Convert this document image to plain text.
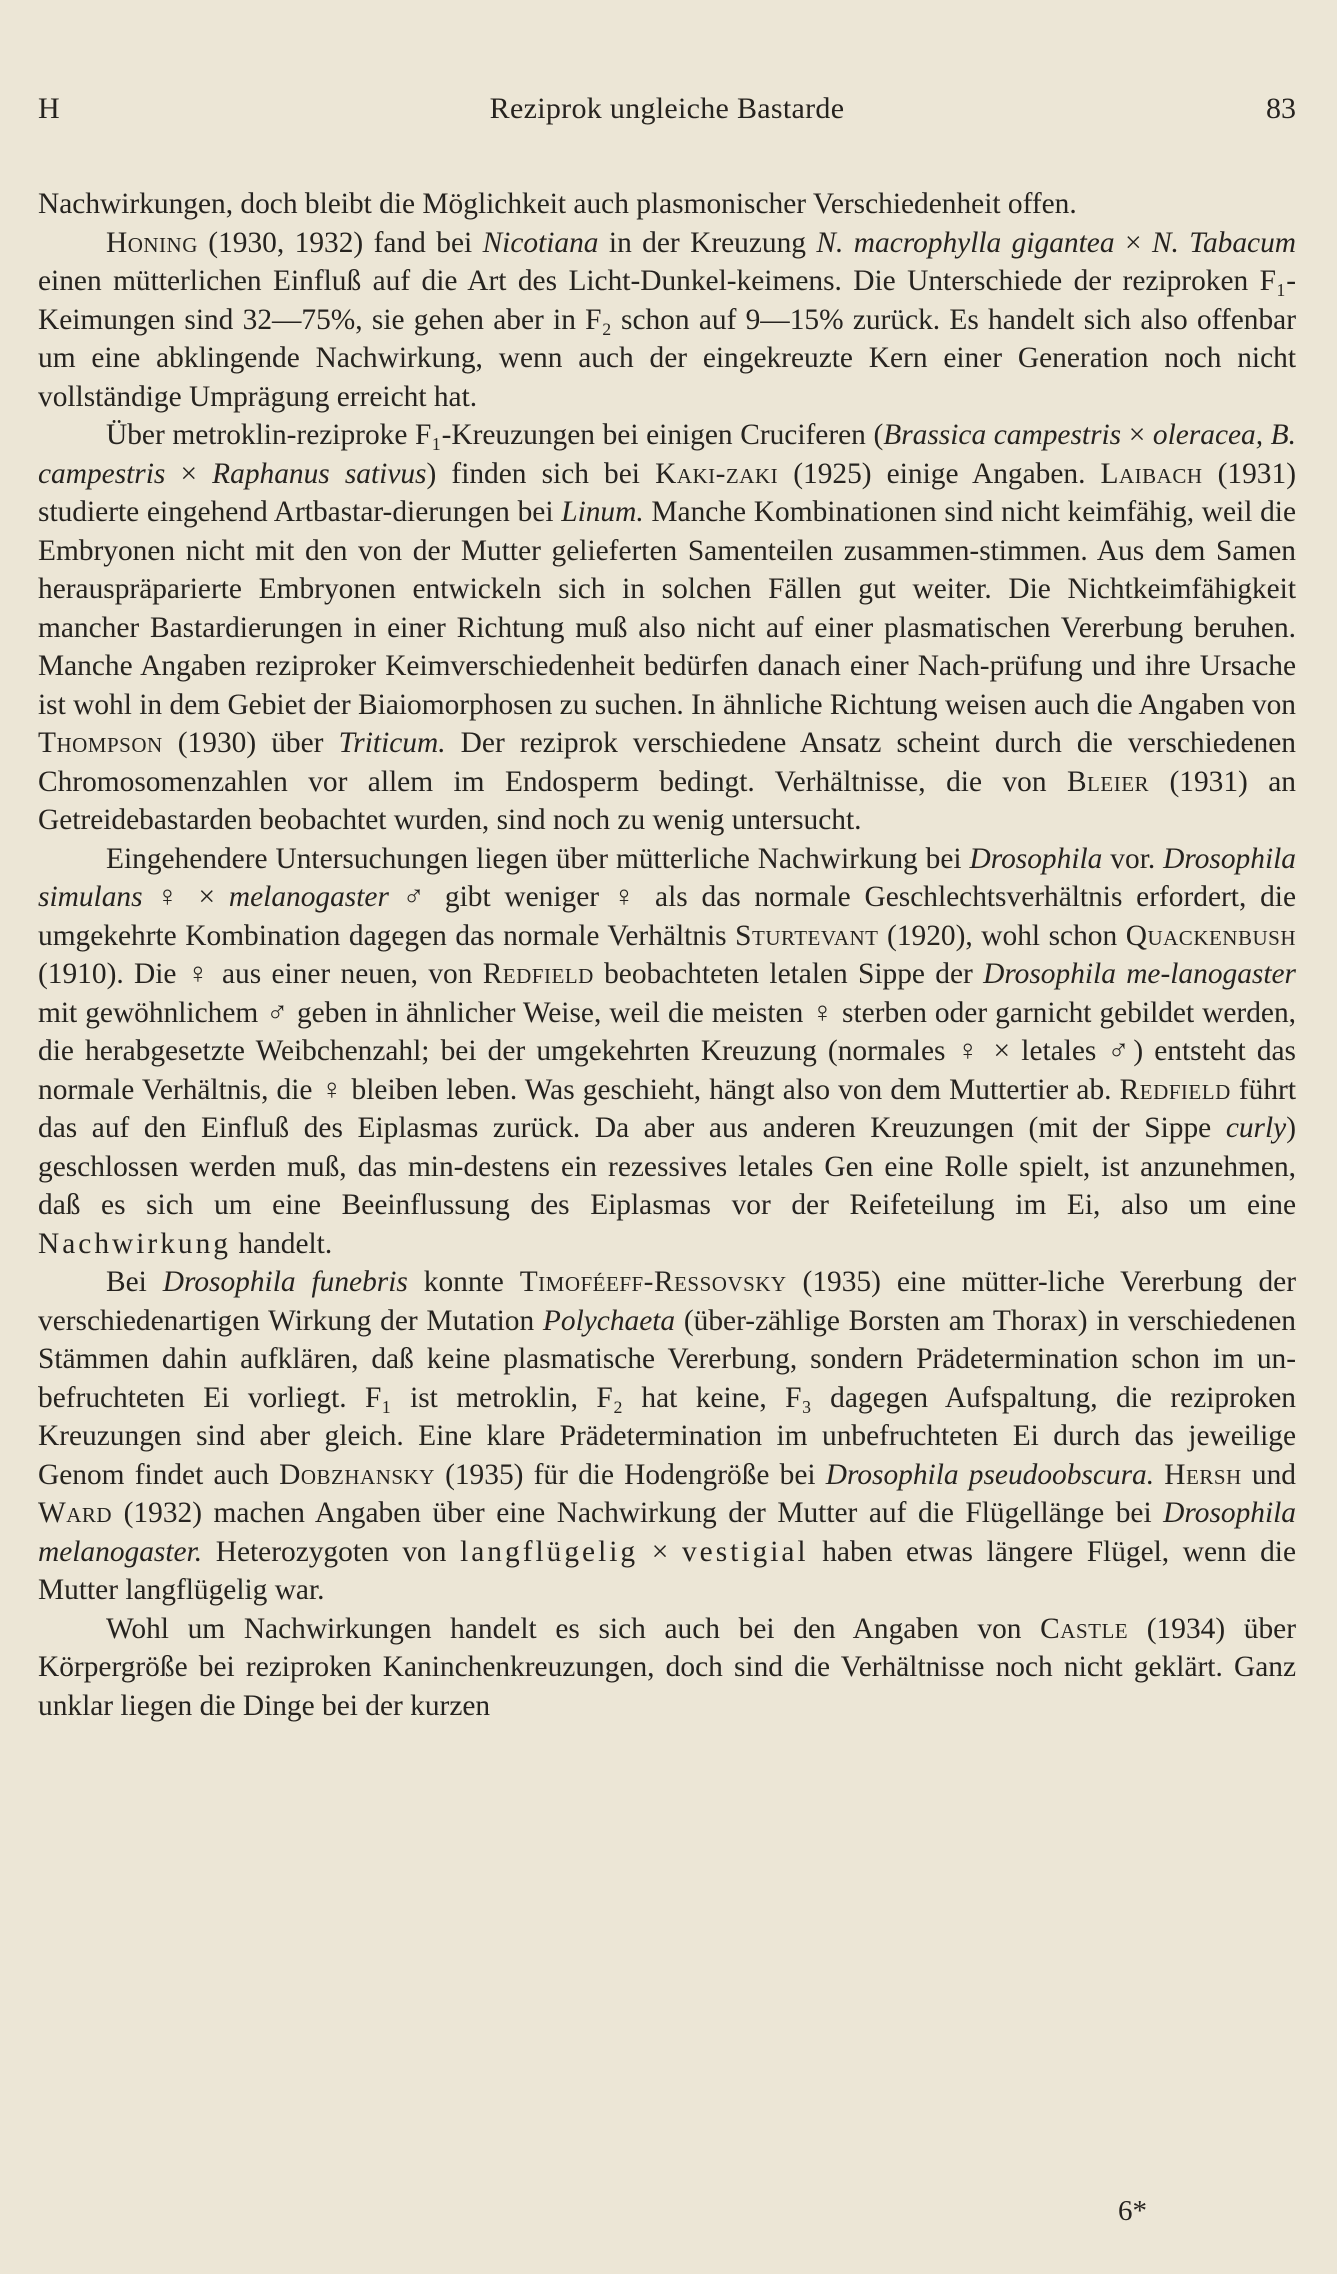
H	Reziprok ungleiche Bastarde	83

Nachwirkungen, doch bleibt die Möglichkeit auch plasmonischer Verschiedenheit offen.

Honing (1930, 1932) fand bei Nicotiana in der Kreuzung N. macrophylla gigantea × N. Tabacum einen mütterlichen Einfluß auf die Art des Licht-Dunkel-keimens. Die Unterschiede der reziproken F₁-Keimungen sind 32—75%, sie gehen aber in F₂ schon auf 9—15% zurück. Es handelt sich also offenbar um eine abklingende Nachwirkung, wenn auch der eingekreuzte Kern einer Generation noch nicht vollständige Umprägung erreicht hat.

Über metroklin-reziproke F₁-Kreuzungen bei einigen Cruciferen (Brassica campestris × oleracea, B. campestris × Raphanus sativus) finden sich bei Kaki-zaki (1925) einige Angaben. Laibach (1931) studierte eingehend Artbastar-dierungen bei Linum. Manche Kombinationen sind nicht keimfähig, weil die Embryonen nicht mit den von der Mutter gelieferten Samenteilen zusammen-stimmen. Aus dem Samen herauspräparierte Embryonen entwickeln sich in solchen Fällen gut weiter. Die Nichtkeimfähigkeit mancher Bastardierungen in einer Richtung muß also nicht auf einer plasmatischen Vererbung beruhen. Manche Angaben reziproker Keimverschiedenheit bedürfen danach einer Nach-prüfung und ihre Ursache ist wohl in dem Gebiet der Biaiomorphosen zu suchen. In ähnliche Richtung weisen auch die Angaben von Thompson (1930) über Triticum. Der reziprok verschiedene Ansatz scheint durch die verschiedenen Chromosomenzahlen vor allem im Endosperm bedingt. Verhältnisse, die von Bleier (1931) an Getreidebastarden beobachtet wurden, sind noch zu wenig untersucht.

Eingehendere Untersuchungen liegen über mütterliche Nachwirkung bei Drosophila vor. Drosophila simulans ♀ × melanogaster ♂ gibt weniger ♀ als das normale Geschlechtsverhältnis erfordert, die umgekehrte Kombination dagegen das normale Verhältnis Sturtevant (1920), wohl schon Quackenbush (1910). Die ♀ aus einer neuen, von Redfield beobachteten letalen Sippe der Drosophila me-lanogaster mit gewöhnlichem ♂ geben in ähnlicher Weise, weil die meisten ♀ sterben oder garnicht gebildet werden, die herabgesetzte Weibchenzahl; bei der umgekehrten Kreuzung (normales ♀ × letales ♂) entsteht das normale Verhältnis, die ♀ bleiben leben. Was geschieht, hängt also von dem Muttertier ab. Redfield führt das auf den Einfluß des Eiplasmas zurück. Da aber aus anderen Kreuzungen (mit der Sippe curly) geschlossen werden muß, das min-destens ein rezessives letales Gen eine Rolle spielt, ist anzunehmen, daß es sich um eine Beeinflussung des Eiplasmas vor der Reifeteilung im Ei, also um eine Nachwirkung handelt.

Bei Drosophila funebris konnte Timoféeff-Ressovsky (1935) eine mütter-liche Vererbung der verschiedenartigen Wirkung der Mutation Polychaeta (über-zählige Borsten am Thorax) in verschiedenen Stämmen dahin aufklären, daß keine plasmatische Vererbung, sondern Prädetermination schon im un-befruchteten Ei vorliegt. F₁ ist metroklin, F₂ hat keine, F₃ dagegen Aufspaltung, die reziproken Kreuzungen sind aber gleich. Eine klare Prädetermination im unbefruchteten Ei durch das jeweilige Genom findet auch Dobzhansky (1935) für die Hodengröße bei Drosophila pseudoobscura. Hersh und Ward (1932) machen Angaben über eine Nachwirkung der Mutter auf die Flügellänge bei Drosophila melanogaster. Heterozygoten von langflügelig × vestigial haben etwas längere Flügel, wenn die Mutter langflügelig war.

Wohl um Nachwirkungen handelt es sich auch bei den Angaben von Castle (1934) über Körpergröße bei reziproken Kaninchenkreuzungen, doch sind die Verhältnisse noch nicht geklärt. Ganz unklar liegen die Dinge bei der kurzen

6*
